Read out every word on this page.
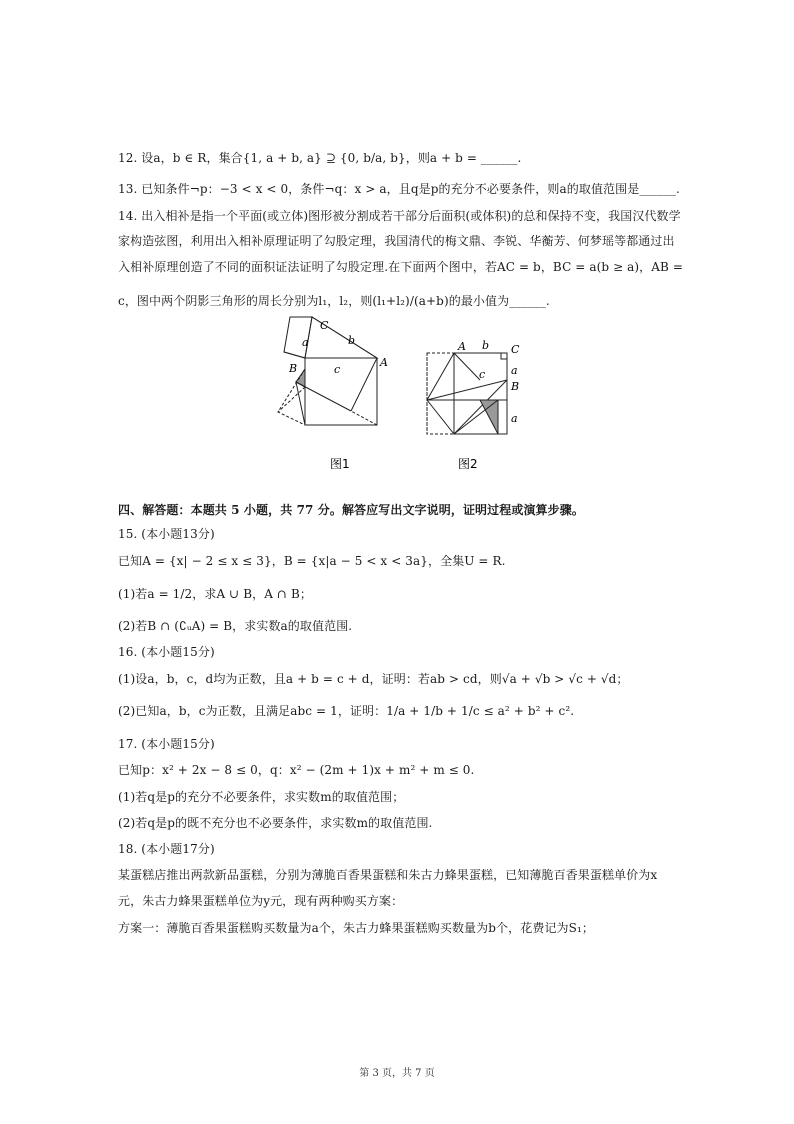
12. 设a，b ∈ R，集合{1, a + b, a} ⊇ {0, b/a, b}，则a + b = ______.
13. 已知条件¬p：−3 < x < 0，条件¬q：x > a，且q是p的充分不必要条件，则a的取值范围是______.
14. 出入相补是指一个平面(或立体)图形被分割成若干部分后面积(或体积)的总和保持不变，我国汉代数学
家构造弦图，利用出入相补原理证明了勾股定理，我国清代的梅文鼎、李锐、华蘅芳、何梦瑶等都通过出
入相补原理创造了不同的面积证法证明了勾股定理.在下面两个图中，若AC = b，BC = a(b ≥ a)，AB =
c，图中两个阴影三角形的周长分别为l₁，l₂，则(l₁+l₂)/(a+b)的最小值为______.
C
b
a
A
B	c
图1
A b C
a
c
B
a
图2
四、解答题：本题共 5 小题，共 77 分。解答应写出文字说明，证明过程或演算步骤。
15. (本小题13分)
已知A = {x| − 2 ≤ x ≤ 3}，B = {x|a − 5 < x < 3a}，全集U = R.
(1)若a = 1/2，求A ∪ B，A ∩ B；
(2)若B ∩ (∁ᵤA) = B，求实数a的取值范围.
16. (本小题15分)
(1)设a，b，c，d均为正数，且a + b = c + d，证明：若ab > cd，则√a + √b > √c + √d；
(2)已知a，b，c为正数，且满足abc = 1，证明：1/a + 1/b + 1/c ≤ a² + b² + c².
17. (本小题15分)
已知p：x² + 2x − 8 ≤ 0，q：x² − (2m + 1)x + m² + m ≤ 0.
(1)若q是p的充分不必要条件，求实数m的取值范围；
(2)若q是p的既不充分也不必要条件，求实数m的取值范围.
18. (本小题17分)
某蛋糕店推出两款新品蛋糕，分别为薄脆百香果蛋糕和朱古力蜂果蛋糕，已知薄脆百香果蛋糕单价为x
元，朱古力蜂果蛋糕单位为y元，现有两种购买方案：
方案一：薄脆百香果蛋糕购买数量为a个，朱古力蜂果蛋糕购买数量为b个，花费记为S₁；
第 3 页，共 7 页
